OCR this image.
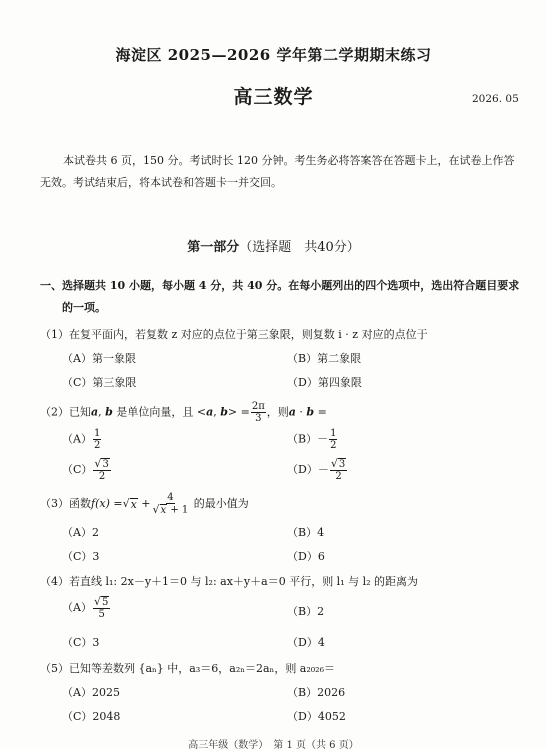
海淀区 2025—2026 学年第二学期期末练习
高三数学	2026. 05
本试卷共 6 页，150 分。考试时长 120 分钟。考生务必将答案答在答题卡上，在试卷上作答
无效。考试结束后，将本试卷和答题卡一并交回。
第一部分（选择题　共40分）
一、选择题共 10 小题，每小题 4 分，共 40 分。在每小题列出的四个选项中，选出符合题目要求
的一项。
（1）在复平面内，若复数 z 对应的点位于第三象限，则复数 i · z 对应的点位于
（A）第一象限	（B）第二象限
（C）第三象限	（D）第四象限
（2）已知a, b 是单位向量，且 <a, $b> = \frac{2\pi}{3}$ ，则a · b =
$(A) \frac{1}{2}$	$(B)- \frac{1}{2}$
$(C) \frac{√ 3}{2}$	$(D)- \frac{√ 3}{2}$
（3）函数f(x) = √ $x + \frac{4}{√ x + 1}$ 的最小值为
（A）2	（B）4
（C）3	（D）6
（4）若直线 l₁: 2x－y＋1＝0 与 l₂: ax＋y＋a＝0 平行，则 l₁ 与 l₂ 的距离为
$(A) \frac{√ 5}{5}$	（B）2
（C）3	（D）4
（5）已知等差数列 {aₙ} 中，a₃＝6，a₂ₙ＝2aₙ，则 a₂₀₂₆＝
（A）2025	（B）2026
（C）2048	（D）4052
高三年级（数学）　第 1 页（共 6 页）
